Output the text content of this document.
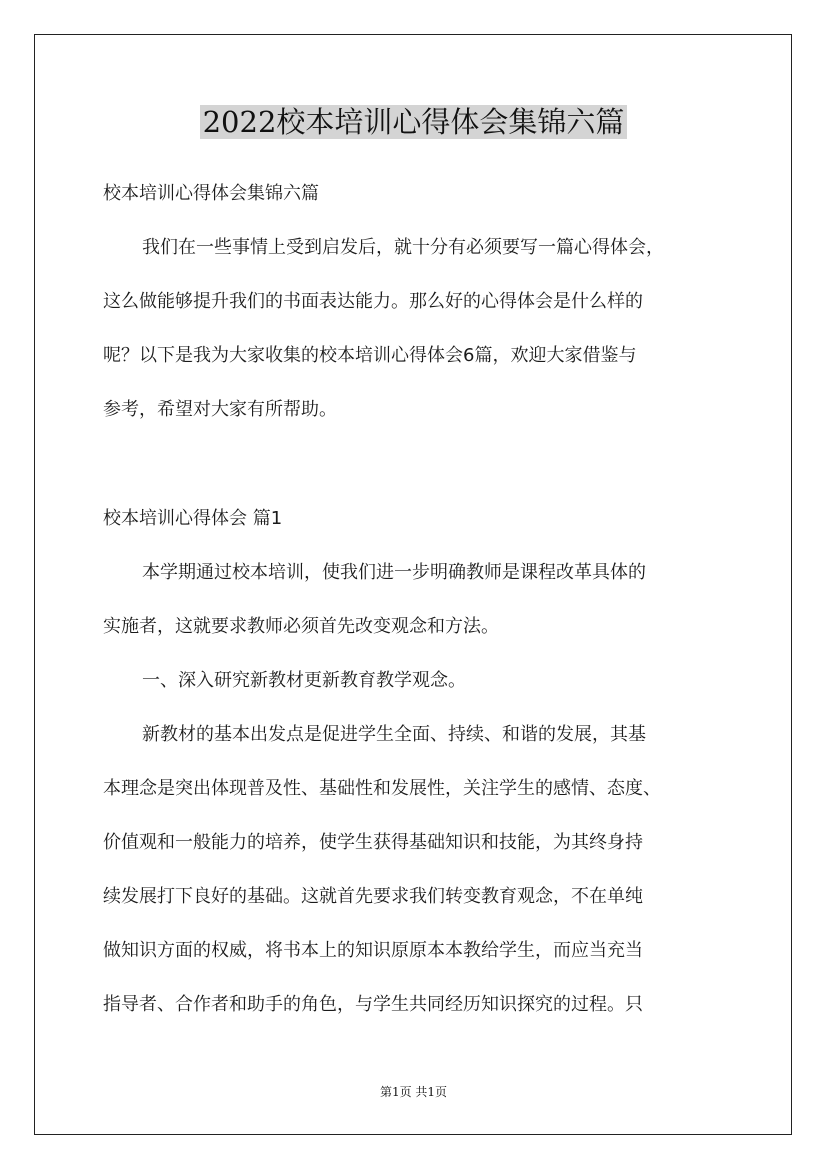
2022校本培训心得体会集锦六篇
校本培训心得体会集锦六篇
我们在一些事情上受到启发后，就十分有必须要写一篇心得体会，
这么做能够提升我们的书面表达能力。那么好的心得体会是什么样的
呢？以下是我为大家收集的校本培训心得体会6篇，欢迎大家借鉴与
参考，希望对大家有所帮助。
校本培训心得体会 篇1
本学期通过校本培训，使我们进一步明确教师是课程改革具体的
实施者，这就要求教师必须首先改变观念和方法。
一、深入研究新教材更新教育教学观念。
新教材的基本出发点是促进学生全面、持续、和谐的发展，其基
本理念是突出体现普及性、基础性和发展性，关注学生的感情、态度、
价值观和一般能力的培养，使学生获得基础知识和技能，为其终身持
续发展打下良好的基础。这就首先要求我们转变教育观念，不在单纯
做知识方面的权威，将书本上的知识原原本本教给学生，而应当充当
指导者、合作者和助手的角色，与学生共同经历知识探究的过程。只
第1页 共1页
